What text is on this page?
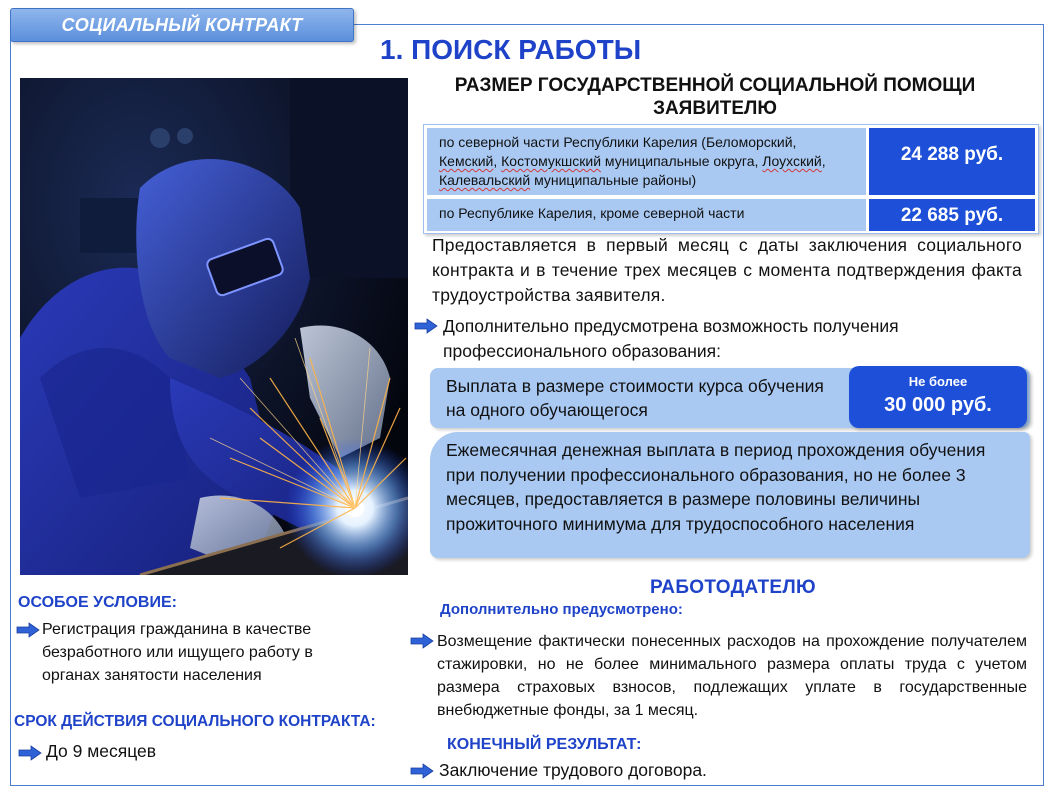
СОЦИАЛЬНЫЙ КОНТРАКТ
1. ПОИСК РАБОТЫ
РАЗМЕР ГОСУДАРСТВЕННОЙ СОЦИАЛЬНОЙ ПОМОЩИ ЗАЯВИТЕЛЮ
по северной части Республики Карелия (Беломорский, Кемский, Костомукшский муниципальные округа, Лоухский, Калевальский муниципальные районы)
24 288 руб.
по Республике Карелия, кроме северной части	22 685 руб.
Предоставляется в первый месяц с даты заключения социального контракта и в течение трех месяцев с момента подтверждения факта трудоустройства заявителя.
Дополнительно предусмотрена возможность получения профессионального образования:
Выплата в размере стоимости курса обучения на одного обучающегося
Не более
30 000 руб.
Ежемесячная денежная выплата в период прохождения обучения при получении профессионального образования, но не более 3 месяцев, предоставляется в размере половины величины прожиточного минимума для трудоспособного населения
РАБОТОДАТЕЛЮ
Дополнительно предусмотрено:
Возмещение фактически понесенных расходов на прохождение получателем стажировки, но не более минимального размера оплаты труда с учетом размера страховых взносов, подлежащих уплате в государственные внебюджетные фонды, за 1 месяц.
КОНЕЧНЫЙ РЕЗУЛЬТАТ:
Заключение трудового договора.
ОСОБОЕ УСЛОВИЕ:
Регистрация гражданина в качестве безработного или ищущего работу в органах занятости населения
СРОК ДЕЙСТВИЯ СОЦИАЛЬНОГО КОНТРАКТА:
До 9 месяцев
